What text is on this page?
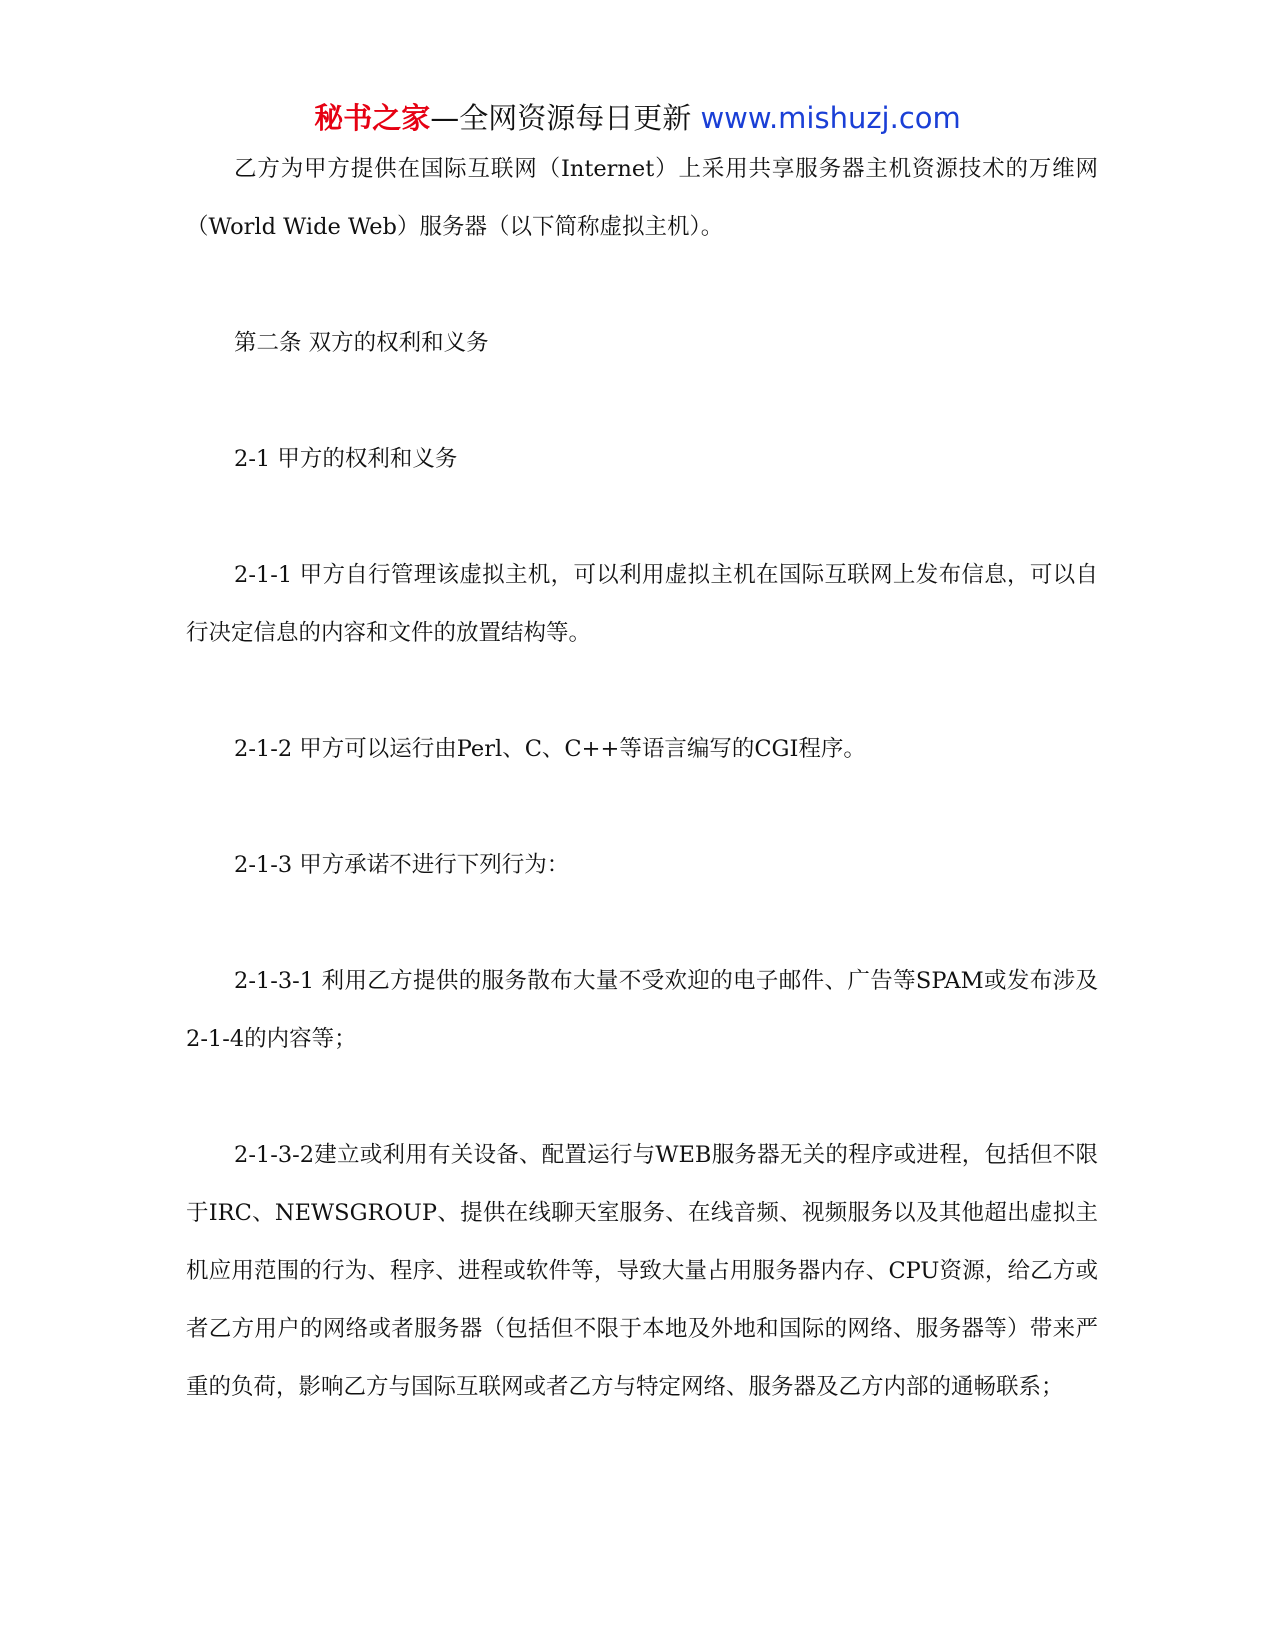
秘书之家—全网资源每日更新 www.mishuzj.com

乙方为甲方提供在国际互联网（Internet）上采用共享服务器主机资源技术的万维网（World Wide Web）服务器（以下简称虚拟主机）。

第二条 双方的权利和义务

2-1 甲方的权利和义务

2-1-1 甲方自行管理该虚拟主机，可以利用虚拟主机在国际互联网上发布信息，可以自行决定信息的内容和文件的放置结构等。

2-1-2 甲方可以运行由Perl、C、C++等语言编写的CGI程序。

2-1-3 甲方承诺不进行下列行为：

2-1-3-1 利用乙方提供的服务散布大量不受欢迎的电子邮件、广告等SPAM或发布涉及2-1-4的内容等；

2-1-3-2建立或利用有关设备、配置运行与WEB服务器无关的程序或进程，包括但不限于IRC、NEWSGROUP、提供在线聊天室服务、在线音频、视频服务以及其他超出虚拟主机应用范围的行为、程序、进程或软件等，导致大量占用服务器内存、CPU资源，给乙方或者乙方用户的网络或者服务器（包括但不限于本地及外地和国际的网络、服务器等）带来严重的负荷，影响乙方与国际互联网或者乙方与特定网络、服务器及乙方内部的通畅联系；
